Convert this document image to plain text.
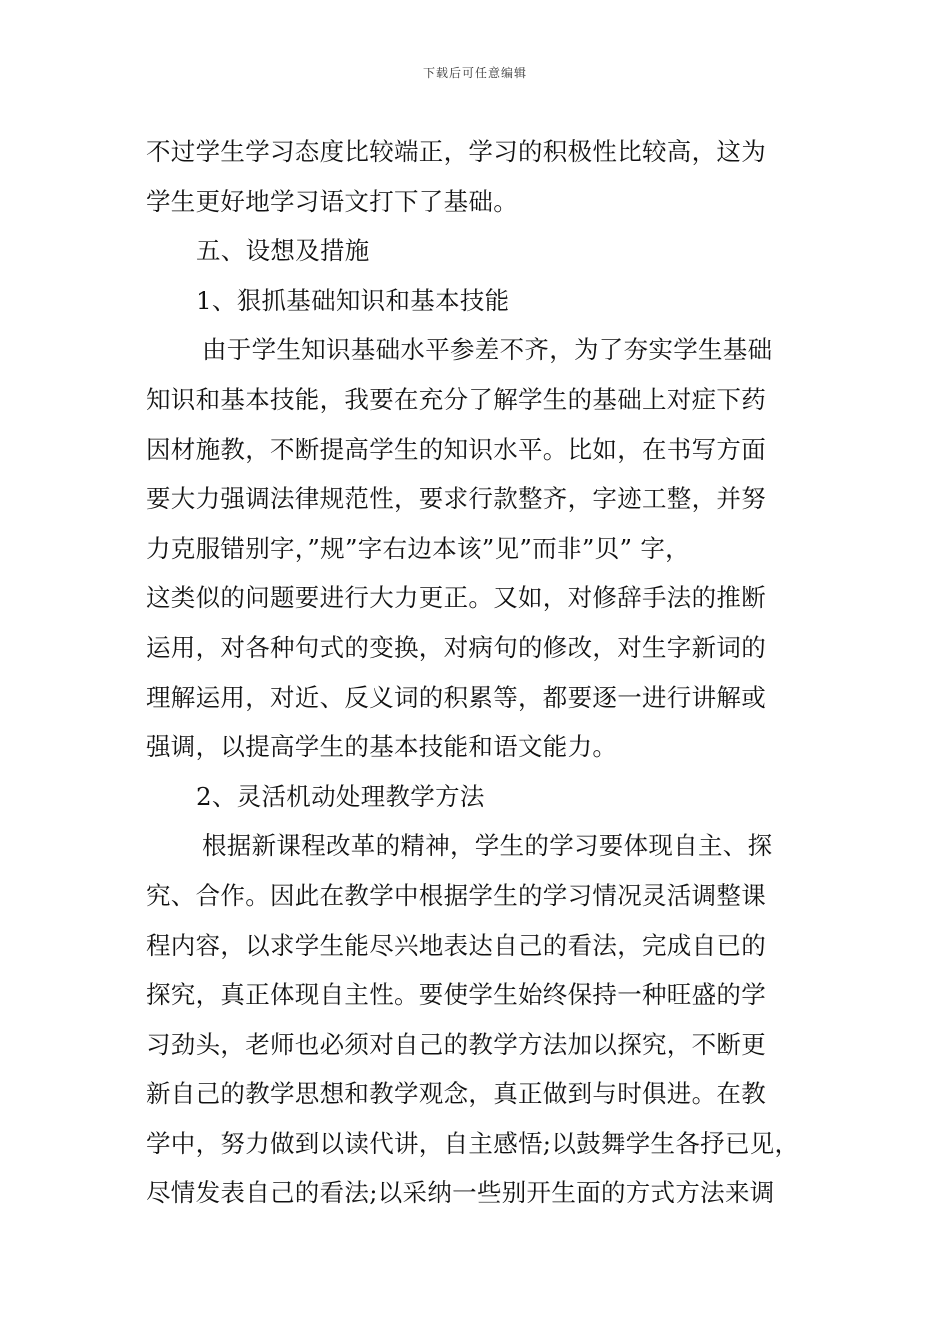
下载后可任意编辑
不过学生学习态度比较端正，学习的积极性比较高，这为
学生更好地学习语文打下了基础。
五、设想及措施
1、狠抓基础知识和基本技能
由于学生知识基础水平参差不齐，为了夯实学生基础
知识和基本技能，我要在充分了解学生的基础上对症下药
因材施教，不断提高学生的知识水平。比如，在书写方面
要大力强调法律规范性，要求行款整齐，字迹工整，并努
力克服错别字，”规”字右边本该”见”而非”贝” 字，
这类似的问题要进行大力更正。又如，对修辞手法的推断
运用，对各种句式的变换，对病句的修改，对生字新词的
理解运用，对近、反义词的积累等，都要逐一进行讲解或
强调，以提高学生的基本技能和语文能力。
2、灵活机动处理教学方法
根据新课程改革的精神，学生的学习要体现自主、探
究、合作。因此在教学中根据学生的学习情况灵活调整课
程内容，以求学生能尽兴地表达自己的看法，完成自已的
探究，真正体现自主性。要使学生始终保持一种旺盛的学
习劲头，老师也必须对自己的教学方法加以探究，不断更
新自己的教学思想和教学观念，真正做到与时俱进。在教
学中，努力做到以读代讲，自主感悟;以鼓舞学生各抒已见，
尽情发表自己的看法;以采纳一些别开生面的方式方法来调
